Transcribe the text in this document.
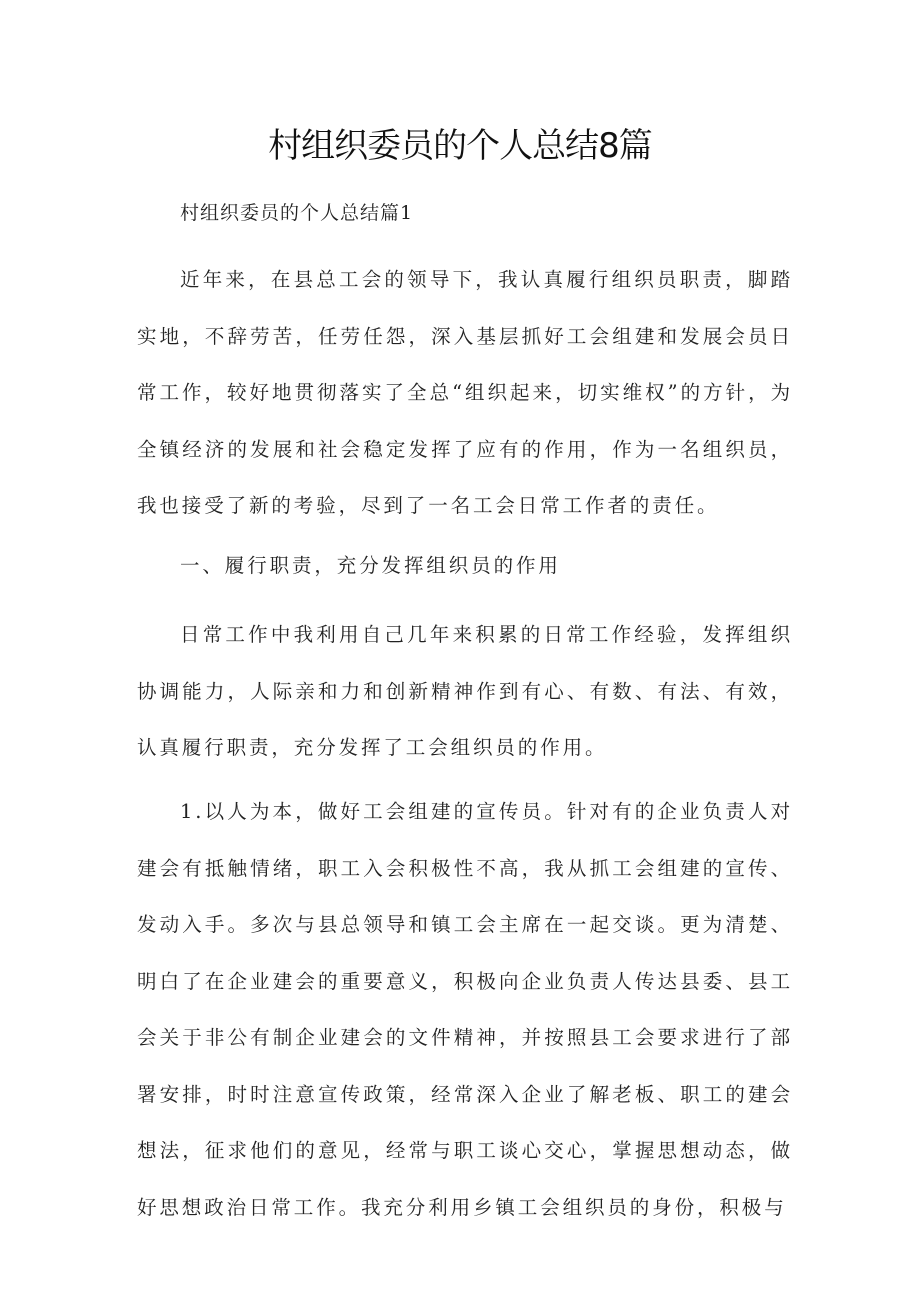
村组织委员的个人总结8篇

村组织委员的个人总结篇1

近年来，在县总工会的领导下，我认真履行组织员职责，脚踏实地，不辞劳苦，任劳任怨，深入基层抓好工会组建和发展会员日常工作，较好地贯彻落实了全总“组织起来，切实维权”的方针，为全镇经济的发展和社会稳定发挥了应有的作用，作为一名组织员，我也接受了新的考验，尽到了一名工会日常工作者的责任。

一、履行职责，充分发挥组织员的作用

日常工作中我利用自己几年来积累的日常工作经验，发挥组织协调能力，人际亲和力和创新精神作到有心、有数、有法、有效，认真履行职责，充分发挥了工会组织员的作用。

1.以人为本，做好工会组建的宣传员。针对有的企业负责人对建会有抵触情绪，职工入会积极性不高，我从抓工会组建的宣传、发动入手。多次与县总领导和镇工会主席在一起交谈。更为清楚、明白了在企业建会的重要意义，积极向企业负责人传达县委、县工会关于非公有制企业建会的文件精神，并按照县工会要求进行了部署安排，时时注意宣传政策，经常深入企业了解老板、职工的建会想法，征求他们的意见，经常与职工谈心交心，掌握思想动态，做好思想政治日常工作。我充分利用乡镇工会组织员的身份，积极与
